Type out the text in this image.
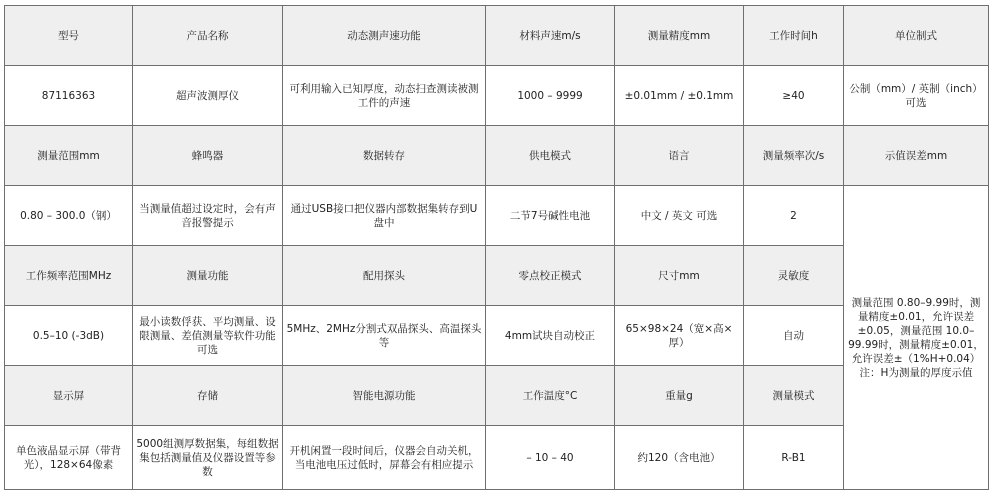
型号	产品名称	动态测声速功能	材料声速m/s	测量精度mm	工作时间h	单位制式
87116363	超声波测厚仪	可利用输入已知厚度，动态扫查测读被测工件的声速	1000 – 9999	±0.01mm / ±0.1mm	≥40	公制（mm）/ 英制（inch）可选
测量范围mm	蜂鸣器	数据转存	供电模式	语言	测量频率次/s	示值误差mm
0.80 – 300.0（钢）	当测量值超过设定时，会有声音报警提示	通过USB接口把仪器内部数据集转存到U盘中	二节7号碱性电池	中文 / 英文 可选	2	测量范围 0.80–9.99时，测量精度±0.01，允许误差±0.05，测量范围 10.0–99.99时，测量精度±0.01，允许误差±（1%H+0.04）注：H为测量的厚度示值
工作频率范围MHz	测量功能	配用探头	零点校正模式	尺寸mm	灵敏度	
0.5–10 (-3dB)	最小读数俘获、平均测量、设限测量、差值测量等软件功能可选	5MHz、2MHz分割式双晶探头、高温探头等	4mm试块自动校正	65×98×24（宽×高×厚）	自动	
显示屏	存储	智能电源功能	工作温度°C	重量g	测量模式	
单色液晶显示屏（带背光），128×64像素	5000组测厚数据集，每组数据集包括测量值及仪器设置等参数	开机闲置一段时间后，仪器会自动关机，当电池电压过低时，屏幕会有相应提示	– 10 – 40	约120（含电池）	R-B1	
